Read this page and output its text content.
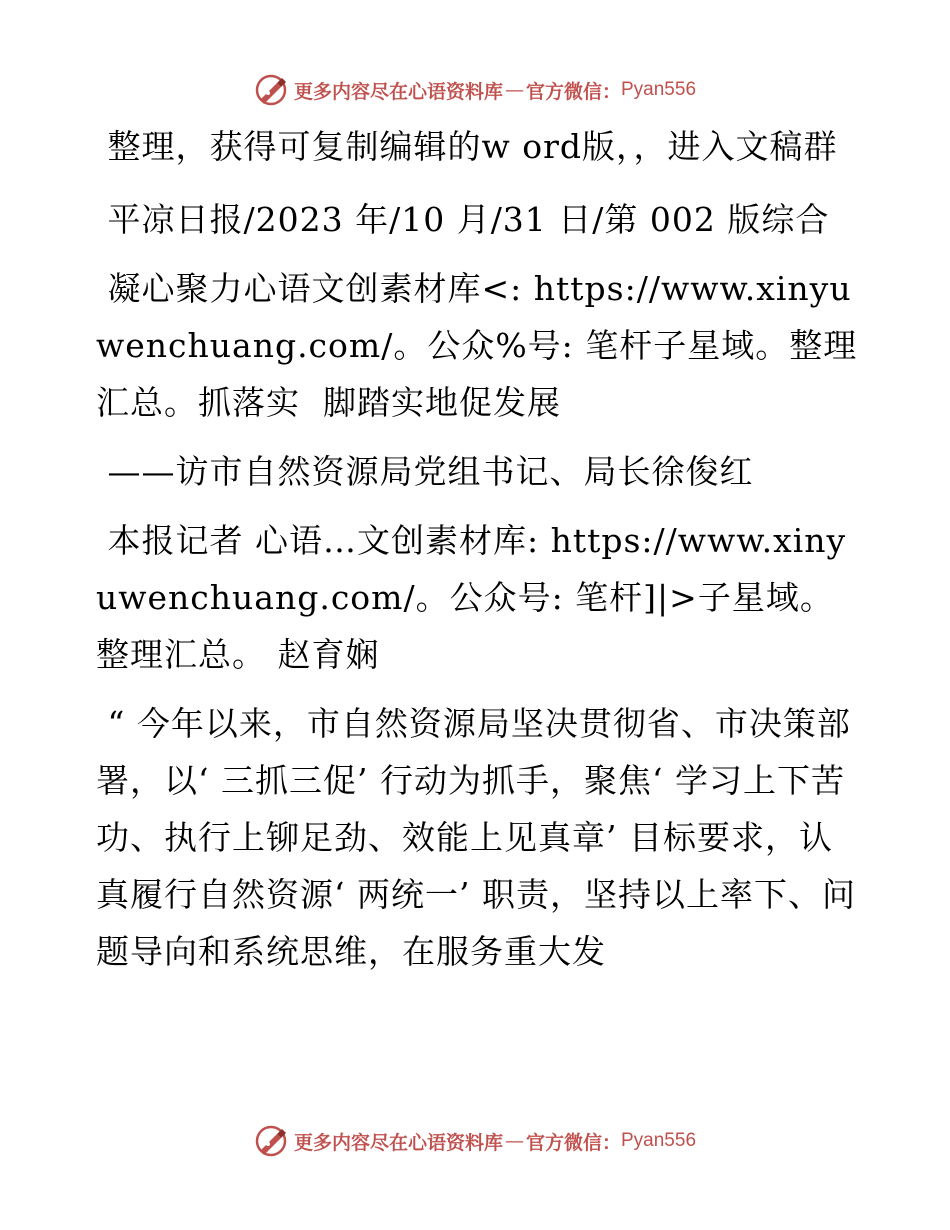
更多内容尽在心语资料库 — 官方微信： Pyan556

整理，获得可复制编辑的w ord版，，进入文稿群

平凉日报/2023 年/10 月/31 日/第 002 版综合

凝心聚力心语文创素材库<: https://www.xinyuwenchuang.com/。公众%号: 笔杆子星域。整理汇总。抓落实  脚踏实地促发展

——访市自然资源局党组书记、局长徐俊红

本报记者 心语…文创素材库: https://www.xinyuwenchuang.com/。公众号: 笔杆]|>子星域。整理汇总。 赵育娴

“ 今年以来，市自然资源局坚决贯彻省、市决策部署，以‘ 三抓三促’ 行动为抓手，聚焦‘ 学习上下苦功、执行上铆足劲、效能上见真章’ 目标要求，认真履行自然资源‘ 两统一’ 职责，坚持以上率下、问题导向和系统思维，在服务重大发

更多内容尽在心语资料库 — 官方微信： Pyan556
